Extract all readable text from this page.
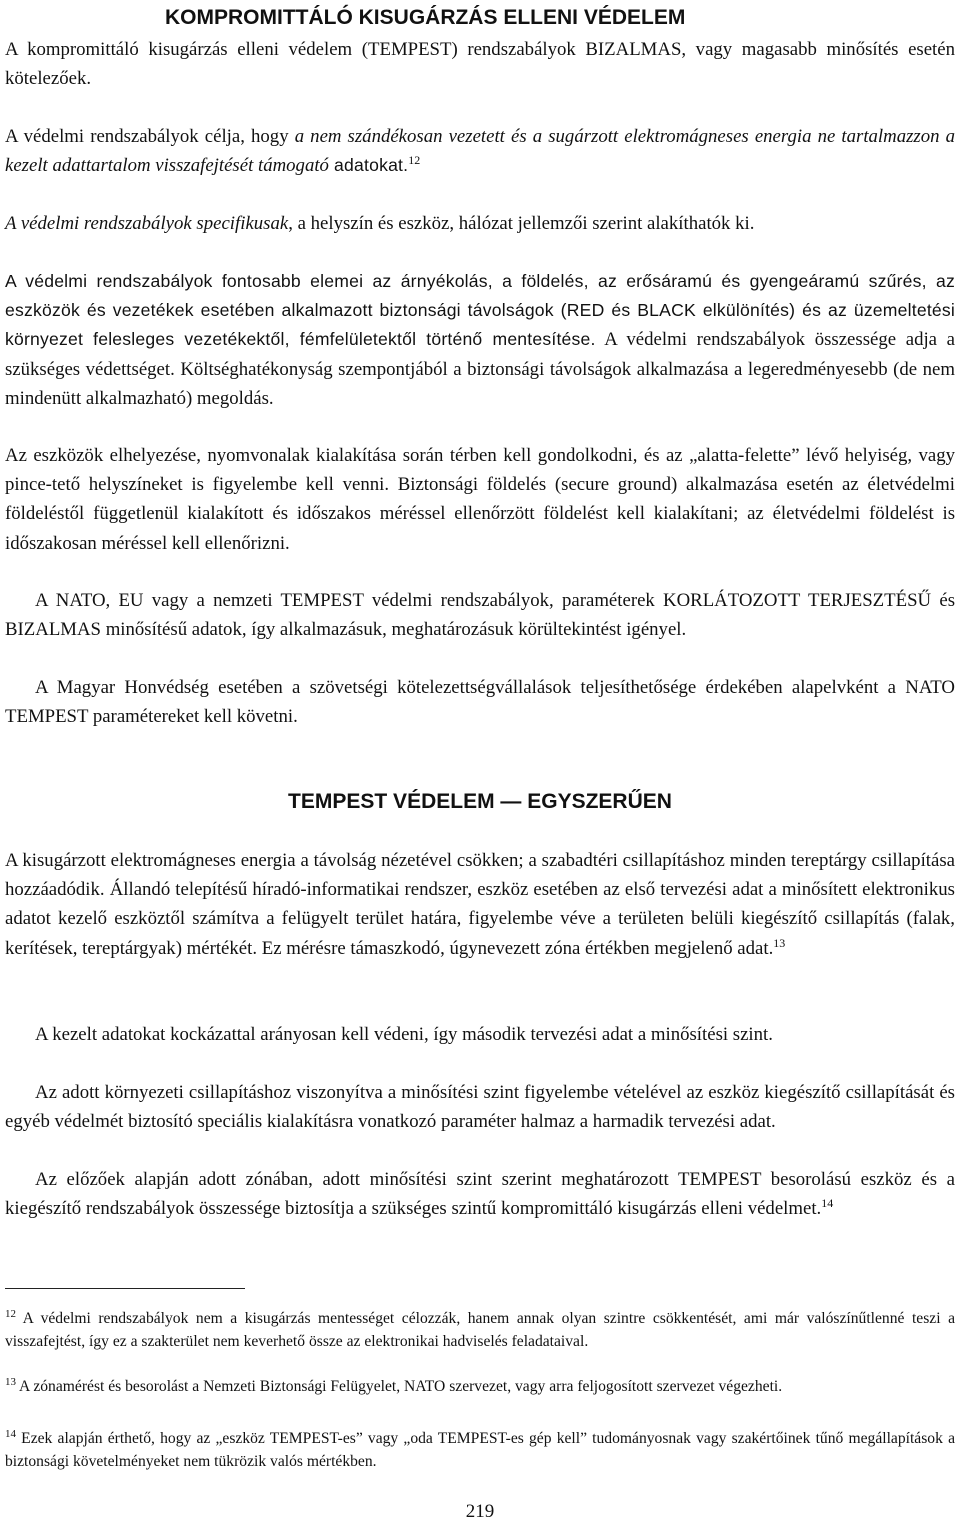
KOMPROMITTÁLÓ KISUGÁRZÁS ELLENI VÉDELEM

A kompromittáló kisugárzás elleni védelem (TEMPEST) rendszabályok BIZALMAS, vagy magasabb minősítés esetén kötelezőek.

A védelmi rendszabályok célja, hogy a nem szándékosan vezetett és a sugárzott elektromágneses energia ne tartalmazzon a kezelt adattartalom visszafejtését támogató adatokat.$^{12}$

A védelmi rendszabályok specifikusak, a helyszín és eszköz, hálózat jellemzői szerint alakíthatók ki.

A védelmi rendszabályok fontosabb elemei az árnyékolás, a földelés, az erősáramú és gyengeáramú szűrés, az eszközök és vezetékek esetében alkalmazott biztonsági távolságok (RED és BLACK elkülönítés) és az üzemeltetési környezet felesleges vezetékektől, fémfelületektől történő mentesítése. A védelmi rendszabályok összessége adja a szükséges védettséget. Költséghatékonyság szempontjából a biztonsági távolságok alkalmazása a legeredményesebb (de nem mindenütt alkalmazható) megoldás.

Az eszközök elhelyezése, nyomvonalak kialakítása során térben kell gondolkodni, és az „alatta-felette” lévő helyiség, vagy pince-tető helyszíneket is figyelembe kell venni. Biztonsági földelés (secure ground) alkalmazása esetén az életvédelmi földeléstől függetlenül kialakított és időszakos méréssel ellenőrzött földelést kell kialakítani; az életvédelmi földelést is időszakosan méréssel kell ellenőrizni.

A NATO, EU vagy a nemzeti TEMPEST védelmi rendszabályok, paraméterek KORLÁTOZOTT TERJESZTÉSŰ és BIZALMAS minősítésű adatok, így alkalmazásuk, meghatározásuk körültekintést igényel.

A Magyar Honvédség esetében a szövetségi kötelezettségvállalások teljesíthetősége érdekében alapelvként a NATO TEMPEST paramétereket kell követni.

TEMPEST VÉDELEM — EGYSZERŰEN

A kisugárzott elektromágneses energia a távolság nézetével csökken; a szabadtéri csillapításhoz minden tereptárgy csillapítása hozzáadódik. Állandó telepítésű híradó-informatikai rendszer, eszköz esetében az első tervezési adat a minősített elektronikus adatot kezelő eszköztől számítva a felügyelt terület határa, figyelembe véve a területen belüli kiegészítő csillapítás (falak, kerítések, tereptárgyak) mértékét. Ez mérésre támaszkodó, úgynevezett zóna értékben megjelenő adat.$^{13}$

A kezelt adatokat kockázattal arányosan kell védeni, így második tervezési adat a minősítési szint.

Az adott környezeti csillapításhoz viszonyítva a minősítési szint figyelembe vételével az eszköz kiegészítő csillapítását és egyéb védelmét biztosító speciális kialakításra vonatkozó paraméter halmaz a harmadik tervezési adat.

Az előzőek alapján adott zónában, adott minősítési szint szerint meghatározott TEMPEST besorolású eszköz és a kiegészítő rendszabályok összessége biztosítja a szükséges szintű kompromittáló kisugárzás elleni védelmet.$^{14}$

$^{12}$ A védelmi rendszabályok nem a kisugárzás mentességet célozzák, hanem annak olyan szintre csökkentését, ami már valószínűtlenné teszi a visszafejtést, így ez a szakterület nem keverhető össze az elektronikai hadviselés feladataival.

$^{13}$ A zónamérést és besorolást a Nemzeti Biztonsági Felügyelet, NATO szervezet, vagy arra feljogosított szervezet végezheti.

$^{14}$ Ezek alapján érthető, hogy az „eszköz TEMPEST-es” vagy „oda TEMPEST-es gép kell” tudományosnak vagy szakértőinek tűnő megállapítások a biztonsági követelményeket nem tükrözik valós mértékben.

219
